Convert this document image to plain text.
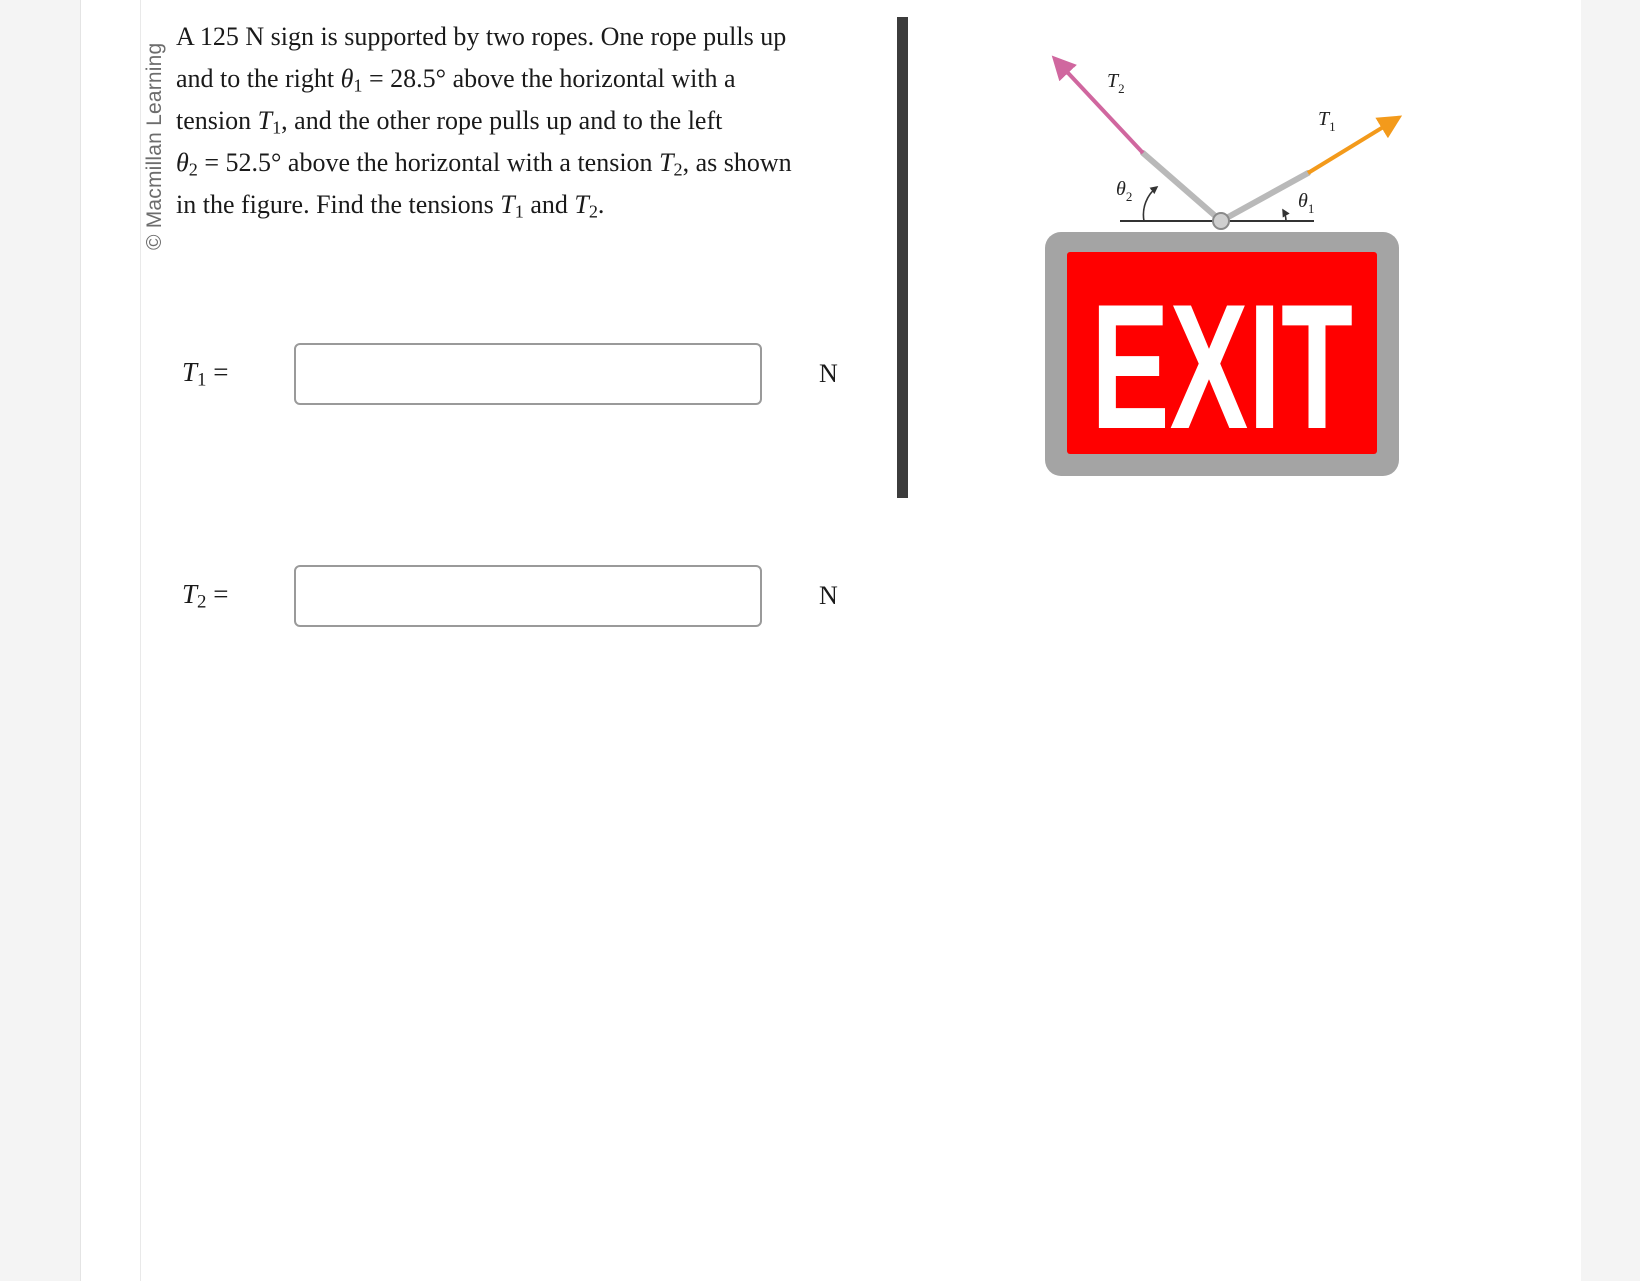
© Macmillan Learning
A 125 N sign is supported by two ropes. One rope pulls up
and to the right $\theta_1 = 28.5^\circ$ above the horizontal with a
tension $T_1$, and the other rope pulls up and to the left
$\theta_2 = 52.5^\circ$ above the horizontal with a tension $T_2$, as shown
in the figure. Find the tensions $T_1$ and $T_2$.
$T_1$ =	N
$T_2$ =	N
$T_2$
$T_1$
$\theta_2$	$\theta_1$
EXIT
